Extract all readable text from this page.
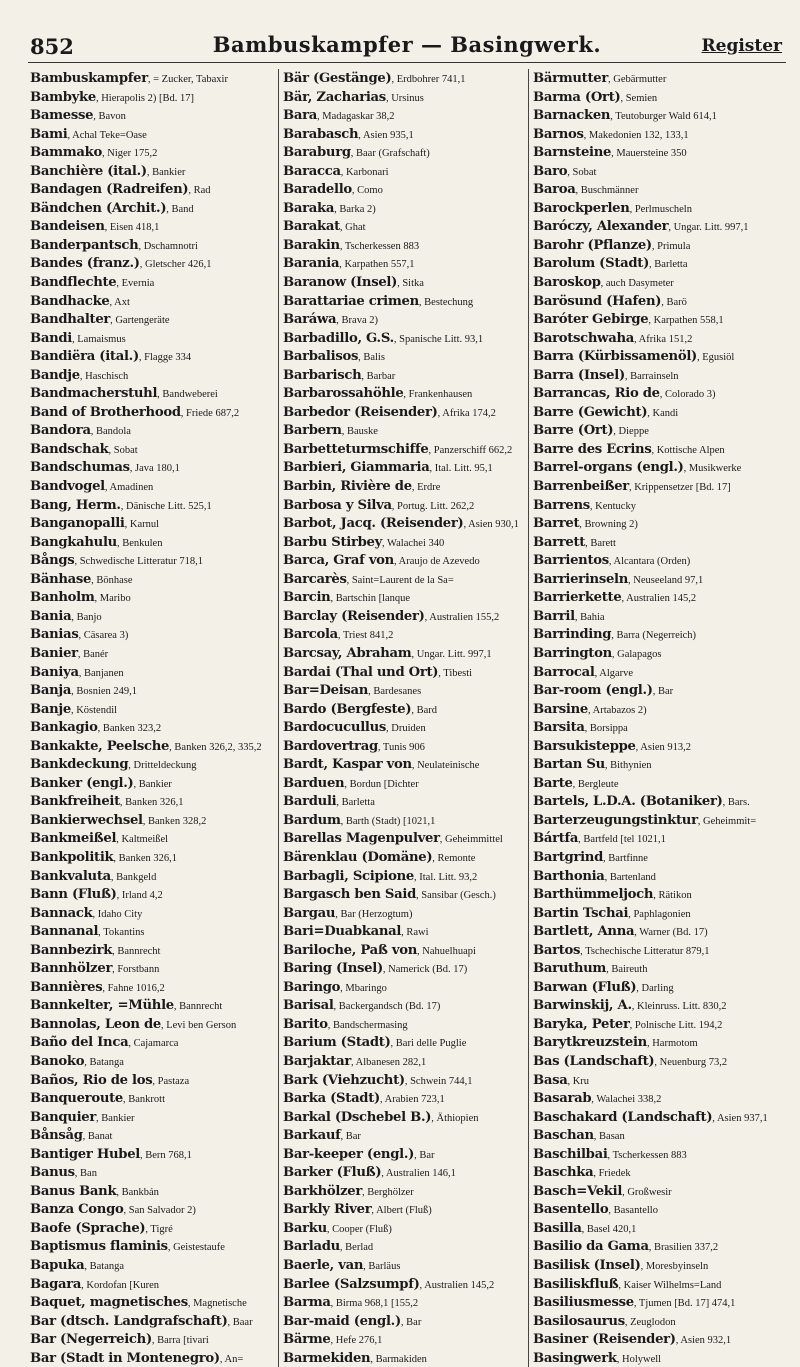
852	Bambuskampfer — Basingwerk.	Register
Bambuskampfer, = Zucker, Tabaxir
Bambyke, Hierapolis 2) [Bd. 17]
Bamesse, Bavon
Bami, Achal Teke=Oase
Bammako, Niger 175,2
Banchière (ital.), Bankier
Bandagen (Radreifen), Rad
Bändchen (Archit.), Band
Bandeisen, Eisen 418,1
Banderpantsch, Dschamnotri
Bandes (franz.), Gletscher 426,1
Bandflechte, Evernia
Bandhacke, Axt
Bandhalter, Gartengeräte
Bandi, Lamaismus
Bandiëra (ital.), Flagge 334
Bandje, Haschisch
Bandmacherstuhl, Bandweberei
Band of Brotherhood, Friede 687,2
Bandora, Bandola
Bandschak, Sobat
Bandschumas, Java 180,1
Bandvogel, Amadinen
Bang, Herm., Dänische Litt. 525,1
Banganopalli, Karnul
Bangkahulu, Benkulen
Bångs, Schwedische Litteratur 718,1
Bänhase, Bönhase
Banholm, Maribo
Bania, Banjo
Banias, Cäsarea 3)
Banier, Banér
Baniya, Banjanen
Banja, Bosnien 249,1
Banje, Köstendil
Bankagio, Banken 323,2
Bankakte, Peelsche, Banken 326,2, 335,2
Bankdeckung, Dritteldeckung
Banker (engl.), Bankier
Bankfreiheit, Banken 326,1
Bankierwechsel, Banken 328,2
Bankmeißel, Kaltmeißel
Bankpolitik, Banken 326,1
Bankvaluta, Bankgeld
Bann (Fluß), Irland 4,2
Bannack, Idaho City
Bannanal, Tokantins
Bannbezirk, Bannrecht
Bannhölzer, Forstbann
Bannières, Fahne 1016,2
Bannkelter, =Mühle, Bannrecht
Bannolas, Leon de, Levi ben Gerson
Baño del Inca, Cajamarca
Banoko, Batanga
Baños, Rio de los, Pastaza
Banqueroute, Bankrott
Banquier, Bankier
Bånsåg, Banat
Bantiger Hubel, Bern 768,1
Banus, Ban
Banus Bank, Bankbán
Banza Congo, San Salvador 2)
Baofe (Sprache), Tigré
Baptismus flaminis, Geistestaufe
Bapuka, Batanga
Bagara, Kordofan [Kuren
Baquet, magnetisches, Magnetische
Bar (dtsch. Landgrafschaft), Baar
Bar (Negerreich), Barra [tivari
Bar (Stadt in Montenegro), An=
Bär (Gestänge), Erdbohrer 741,1
Bär, Zacharias, Ursinus
Bara, Madagaskar 38,2
Barabasch, Asien 935,1
Baraburg, Baar (Grafschaft)
Baracca, Karbonari
Baradello, Como
Baraka, Barka 2)
Barakat, Ghat
Barakin, Tscherkessen 883
Barania, Karpathen 557,1
Baranow (Insel), Sitka
Barattariae crimen, Bestechung
Baráwa, Brava 2)
Barbadillo, G.S., Spanische Litt. 93,1
Barbalisos, Balis
Barbarisch, Barbar
Barbarossahöhle, Frankenhausen
Barbedor (Reisender), Afrika 174,2
Barbern, Bauske
Barbetteturmschiffe, Panzerschiff 662,2
Barbieri, Giammaria, Ital. Litt. 95,1
Barbin, Rivière de, Erdre
Barbosa y Silva, Portug. Litt. 262,2
Barbot, Jacq. (Reisender), Asien 930,1
Barbu Stirbey, Walachei 340
Barca, Graf von, Araujo de Azevedo
Barcarès, Saint=Laurent de la Sa=
Barcin, Bartschin [lanque
Barclay (Reisender), Australien 155,2
Barcola, Triest 841,2
Barcsay, Abraham, Ungar. Litt. 997,1
Bardai (Thal und Ort), Tibesti
Bar=Deisan, Bardesanes
Bardo (Bergfeste), Bard
Bardocucullus, Druiden
Bardovertrag, Tunis 906
Bardt, Kaspar von, Neulateinische
Barduen, Bordun [Dichter
Barduli, Barletta
Bardum, Barth (Stadt) [1021,1
Barellas Magenpulver, Geheimmittel
Bärenklau (Domäne), Remonte
Barbagli, Scipione, Ital. Litt. 93,2
Bargasch ben Said, Sansibar (Gesch.)
Bargau, Bar (Herzogtum)
Bari=Duabkanal, Rawi
Bariloche, Paß von, Nahuelhuapi
Baring (Insel), Namerick (Bd. 17)
Baringo, Mbaringo
Barisal, Backergandsch (Bd. 17)
Barito, Bandschermasing
Barium (Stadt), Bari delle Puglie
Barjaktar, Albanesen 282,1
Bark (Viehzucht), Schwein 744,1
Barka (Stadt), Arabien 723,1
Barkal (Dschebel B.), Äthiopien
Barkauf, Bar
Bar-keeper (engl.), Bar
Barker (Fluß), Australien 146,1
Barkhölzer, Berghölzer
Barkly River, Albert (Fluß)
Barku, Cooper (Fluß)
Barladu, Berlad
Baerle, van, Barläus
Barlee (Salzsumpf), Australien 145,2
Barma, Birma 968,1 [155,2
Bar-maid (engl.), Bar
Bärme, Hefe 276,1
Barmekiden, Barmakiden
Bärmutter, Gebärmutter
Barma (Ort), Semien
Barnacken, Teutoburger Wald 614,1
Barnos, Makedonien 132, 133,1
Barnsteine, Mauersteine 350
Baro, Sobat
Baroa, Buschmänner
Barockperlen, Perlmuscheln
Baróczy, Alexander, Ungar. Litt. 997,1
Barohr (Pflanze), Primula
Barolum (Stadt), Barletta
Baroskop, auch Dasymeter
Barösund (Hafen), Barö
Baróter Gebirge, Karpathen 558,1
Barotschwaha, Afrika 151,2
Barra (Kürbissamenöl), Egusiöl
Barra (Insel), Barrainseln
Barrancas, Rio de, Colorado 3)
Barre (Gewicht), Kandi
Barre (Ort), Dieppe
Barre des Ecrins, Kottische Alpen
Barrel-organs (engl.), Musikwerke
Barrenbeißer, Krippensetzer [Bd. 17]
Barrens, Kentucky
Barret, Browning 2)
Barrett, Barett
Barrientos, Alcantara (Orden)
Barrierinseln, Neuseeland 97,1
Barrierkette, Australien 145,2
Barril, Bahia
Barrinding, Barra (Negerreich)
Barrington, Galapagos
Barrocal, Algarve
Bar-room (engl.), Bar
Barsine, Artabazos 2)
Barsita, Borsippa
Barsukisteppe, Asien 913,2
Bartan Su, Bithynien
Barte, Bergleute
Bartels, L.D.A. (Botaniker), Bars.
Barterzeugungstinktur, Geheimmit=
Bártfa, Bartfeld [tel 1021,1
Bartgrind, Bartfinne
Barthonia, Bartenland
Barthümmeljoch, Rätikon
Bartin Tschai, Paphlagonien
Bartlett, Anna, Warner (Bd. 17)
Bartos, Tschechische Litteratur 879,1
Baruthum, Baireuth
Barwan (Fluß), Darling
Barwinskij, A., Kleinruss. Litt. 830,2
Baryka, Peter, Polnische Litt. 194,2
Barytkreuzstein, Harmotom
Bas (Landschaft), Neuenburg 73,2
Basa, Kru
Basarab, Walachei 338,2
Baschakard (Landschaft), Asien 937,1
Baschan, Basan
Baschilbai, Tscherkessen 883
Baschka, Friedek
Basch=Vekil, Großwesir
Basentello, Basantello
Basilla, Basel 420,1
Basilio da Gama, Brasilien 337,2
Basilisk (Insel), Moresbyinseln
Basiliskfluß, Kaiser Wilhelms=Land
Basiliusmesse, Tjumen [Bd. 17] 474,1
Basilosaurus, Zeuglodon
Basiner (Reisender), Asien 932,1
Basingwerk, Holywell
